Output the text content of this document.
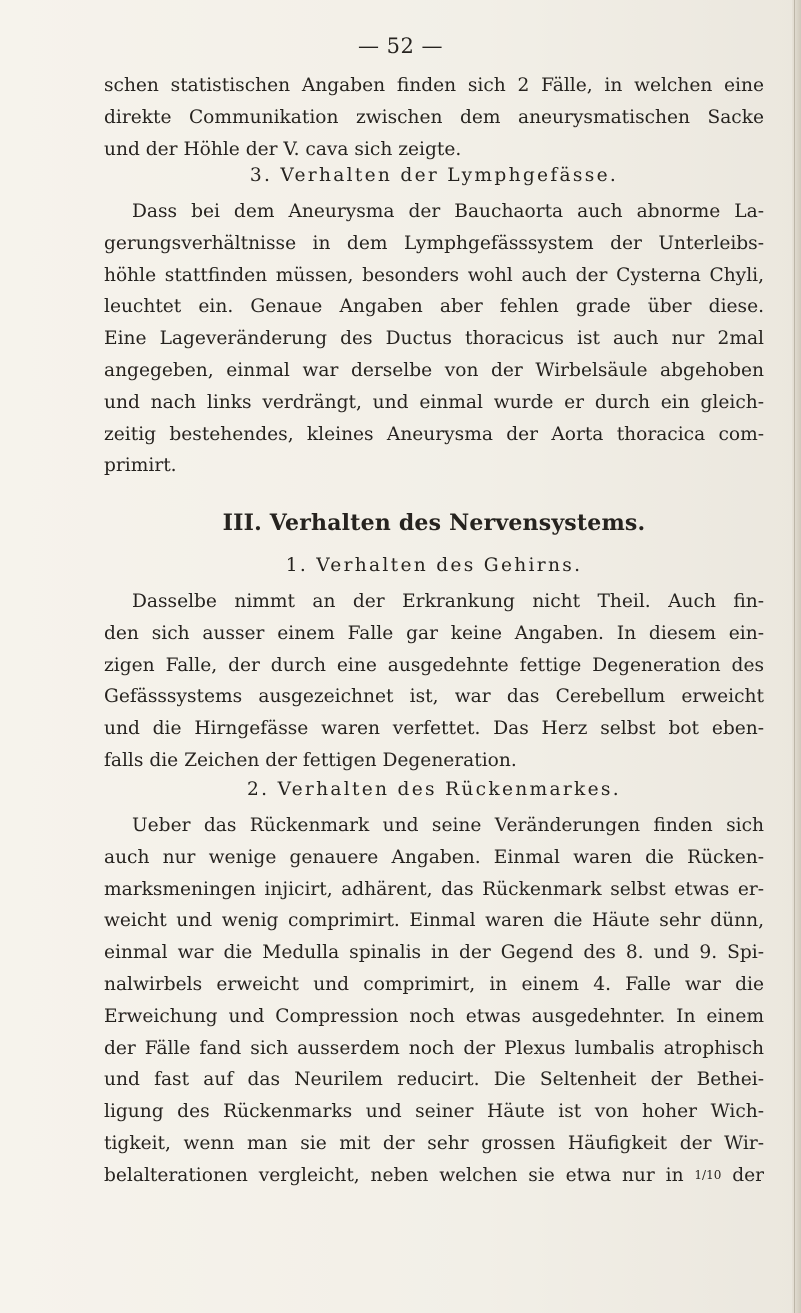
— 52 —
schen statistischen Angaben finden sich 2 Fälle, in welchen eine
direkte Communikation zwischen dem aneurysmatischen Sacke
und der Höhle der V. cava sich zeigte.
3. Verhalten der Lymphgefässe.
Dass bei dem Aneurysma der Bauchaorta auch abnorme La-
gerungsverhältnisse in dem Lymphgefässsystem der Unterleibs-
höhle stattfinden müssen, besonders wohl auch der Cysterna Chyli,
leuchtet ein. Genaue Angaben aber fehlen grade über diese.
Eine Lageveränderung des Ductus thoracicus ist auch nur 2mal
angegeben, einmal war derselbe von der Wirbelsäule abgehoben
und nach links verdrängt, und einmal wurde er durch ein gleich-
zeitig bestehendes, kleines Aneurysma der Aorta thoracica com-
primirt.
III. Verhalten des Nervensystems.
1. Verhalten des Gehirns.
Dasselbe nimmt an der Erkrankung nicht Theil. Auch fin-
den sich ausser einem Falle gar keine Angaben. In diesem ein-
zigen Falle, der durch eine ausgedehnte fettige Degeneration des
Gefässsystems ausgezeichnet ist, war das Cerebellum erweicht
und die Hirngefässe waren verfettet. Das Herz selbst bot eben-
falls die Zeichen der fettigen Degeneration.
2. Verhalten des Rückenmarkes.
Ueber das Rückenmark und seine Veränderungen finden sich
auch nur wenige genauere Angaben. Einmal waren die Rücken-
marksmeningen injicirt, adhärent, das Rückenmark selbst etwas er-
weicht und wenig comprimirt. Einmal waren die Häute sehr dünn,
einmal war die Medulla spinalis in der Gegend des 8. und 9. Spi-
nalwirbels erweicht und comprimirt, in einem 4. Falle war die
Erweichung und Compression noch etwas ausgedehnter. In einem
der Fälle fand sich ausserdem noch der Plexus lumbalis atrophisch
und fast auf das Neurilem reducirt. Die Seltenheit der Bethei-
ligung des Rückenmarks und seiner Häute ist von hoher Wich-
tigkeit, wenn man sie mit der sehr grossen Häufigkeit der Wir-
belalterationen vergleicht, neben welchen sie etwa nur in 1/10 der
